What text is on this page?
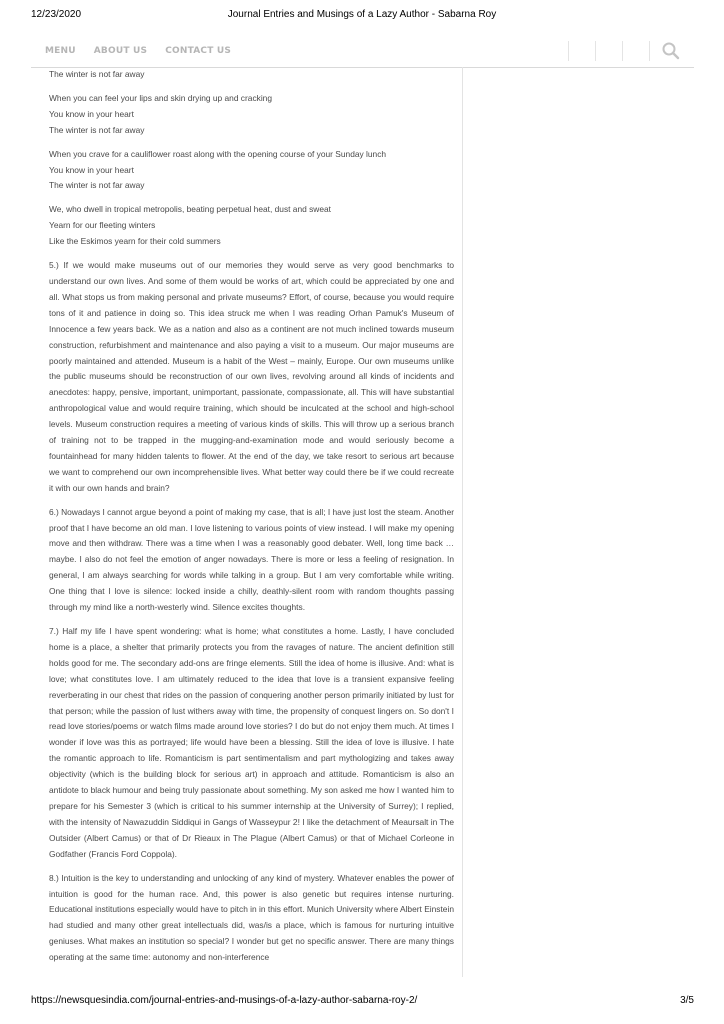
12/23/2020	Journal Entries and Musings of a Lazy Author - Sabarna Roy
MENU ABOUT US CONTACT US
The winter is not far away
When you can feel your lips and skin drying up and cracking
You know in your heart
The winter is not far away
When you crave for a cauliflower roast along with the opening course of your Sunday lunch
You know in your heart
The winter is not far away
We, who dwell in tropical metropolis, beating perpetual heat, dust and sweat
Yearn for our fleeting winters
Like the Eskimos yearn for their cold summers
5.) If we would make museums out of our memories they would serve as very good benchmarks to understand our own lives. And some of them would be works of art, which could be appreciated by one and all. What stops us from making personal and private museums? Effort, of course, because you would require tons of it and patience in doing so. This idea struck me when I was reading Orhan Pamuk's Museum of Innocence a few years back. We as a nation and also as a continent are not much inclined towards museum construction, refurbishment and maintenance and also paying a visit to a museum. Our major museums are poorly maintained and attended. Museum is a habit of the West – mainly, Europe. Our own museums unlike the public museums should be reconstruction of our own lives, revolving around all kinds of incidents and anecdotes: happy, pensive, important, unimportant, passionate, compassionate, all. This will have substantial anthropological value and would require training, which should be inculcated at the school and high-school levels. Museum construction requires a meeting of various kinds of skills. This will throw up a serious branch of training not to be trapped in the mugging-and-examination mode and would seriously become a fountainhead for many hidden talents to flower. At the end of the day, we take resort to serious art because we want to comprehend our own incomprehensible lives. What better way could there be if we could recreate it with our own hands and brain?
6.) Nowadays I cannot argue beyond a point of making my case, that is all; I have just lost the steam. Another proof that I have become an old man. I love listening to various points of view instead. I will make my opening move and then withdraw. There was a time when I was a reasonably good debater. Well, long time back … maybe. I also do not feel the emotion of anger nowadays. There is more or less a feeling of resignation. In general, I am always searching for words while talking in a group. But I am very comfortable while writing. One thing that I love is silence: locked inside a chilly, deathly-silent room with random thoughts passing through my mind like a north-westerly wind. Silence excites thoughts.
7.) Half my life I have spent wondering: what is home; what constitutes a home. Lastly, I have concluded home is a place, a shelter that primarily protects you from the ravages of nature. The ancient definition still holds good for me. The secondary add-ons are fringe elements. Still the idea of home is illusive. And: what is love; what constitutes love. I am ultimately reduced to the idea that love is a transient expansive feeling reverberating in our chest that rides on the passion of conquering another person primarily initiated by lust for that person; while the passion of lust withers away with time, the propensity of conquest lingers on. So don't I read love stories/poems or watch films made around love stories? I do but do not enjoy them much. At times I wonder if love was this as portrayed; life would have been a blessing. Still the idea of love is illusive. I hate the romantic approach to life. Romanticism is part sentimentalism and part mythologizing and takes away objectivity (which is the building block for serious art) in approach and attitude. Romanticism is also an antidote to black humour and being truly passionate about something. My son asked me how I wanted him to prepare for his Semester 3 (which is critical to his summer internship at the University of Surrey); I replied, with the intensity of Nawazuddin Siddiqui in Gangs of Wasseypur 2! I like the detachment of Meaursalt in The Outsider (Albert Camus) or that of Dr Rieaux in The Plague (Albert Camus) or that of Michael Corleone in Godfather (Francis Ford Coppola).
8.) Intuition is the key to understanding and unlocking of any kind of mystery. Whatever enables the power of intuition is good for the human race. And, this power is also genetic but requires intense nurturing. Educational institutions especially would have to pitch in in this effort. Munich University where Albert Einstein had studied and many other great intellectuals did, was/is a place, which is famous for nurturing intuitive geniuses. What makes an institution so special? I wonder but get no specific answer. There are many things operating at the same time: autonomy and non-interference
https://newsquesindia.com/journal-entries-and-musings-of-a-lazy-author-sabarna-roy-2/	3/5
